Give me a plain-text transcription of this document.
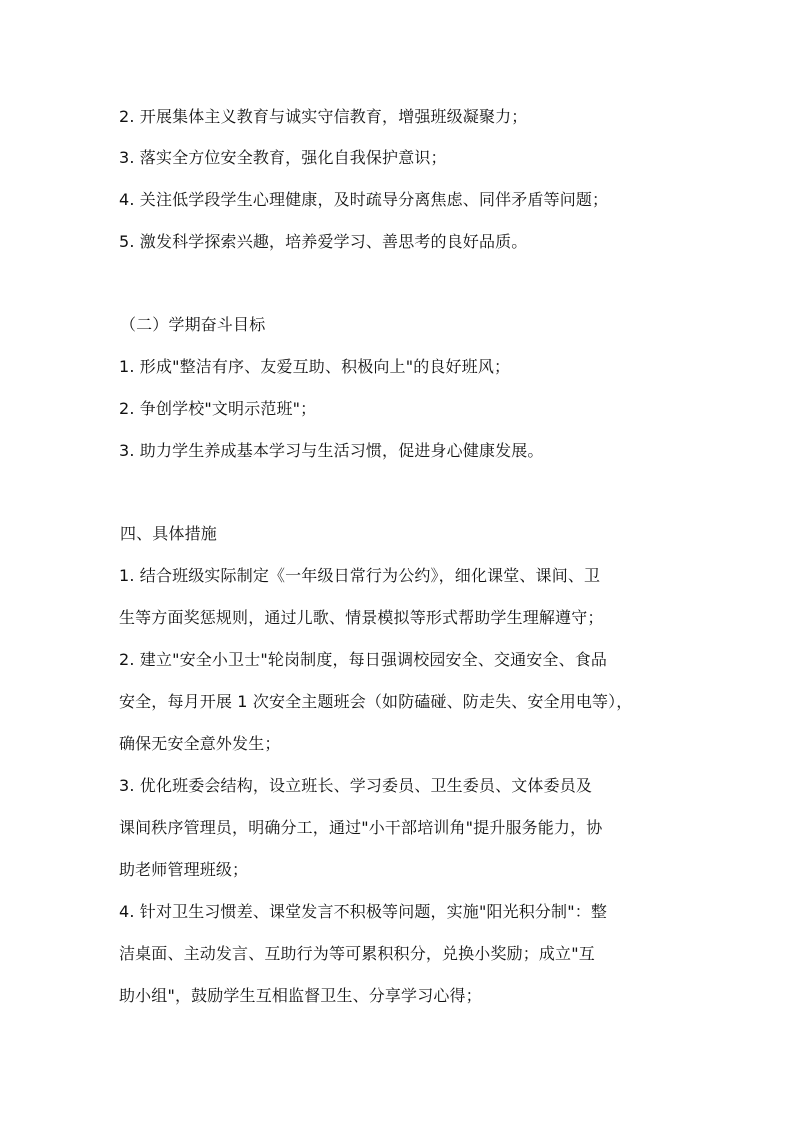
2. 开展集体主义教育与诚实守信教育，增强班级凝聚力；
3. 落实全方位安全教育，强化自我保护意识；
4. 关注低学段学生心理健康，及时疏导分离焦虑、同伴矛盾等问题；
5. 激发科学探索兴趣，培养爱学习、善思考的良好品质。
（二）学期奋斗目标
1. 形成"整洁有序、友爱互助、积极向上"的良好班风；
2. 争创学校"文明示范班"；
3. 助力学生养成基本学习与生活习惯，促进身心健康发展。
四、具体措施
1. 结合班级实际制定《一年级日常行为公约》，细化课堂、课间、卫
生等方面奖惩规则，通过儿歌、情景模拟等形式帮助学生理解遵守；
2. 建立"安全小卫士"轮岗制度，每日强调校园安全、交通安全、食品
安全，每月开展 1 次安全主题班会（如防磕碰、防走失、安全用电等），
确保无安全意外发生；
3. 优化班委会结构，设立班长、学习委员、卫生委员、文体委员及
课间秩序管理员，明确分工，通过"小干部培训角"提升服务能力，协
助老师管理班级；
4. 针对卫生习惯差、课堂发言不积极等问题，实施"阳光积分制"：整
洁桌面、主动发言、互助行为等可累积积分，兑换小奖励；成立"互
助小组"，鼓励学生互相监督卫生、分享学习心得；
